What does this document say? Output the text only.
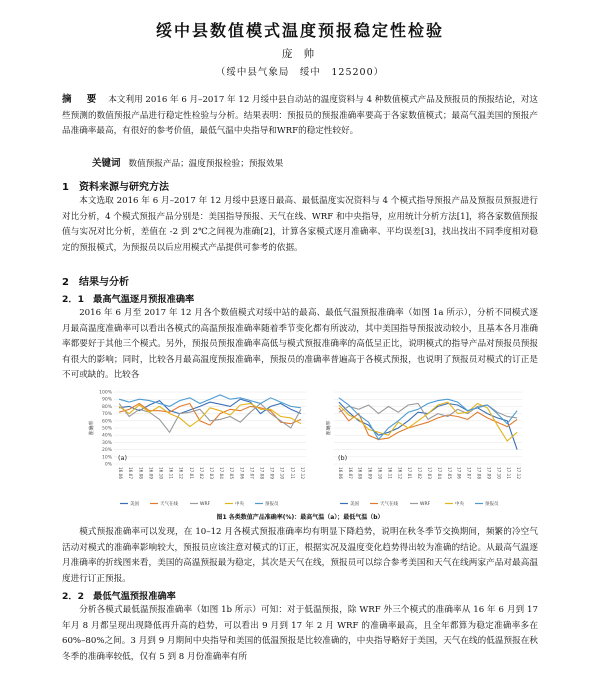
绥中县数值模式温度预报稳定性检验
庞 帅
（绥中县气象局　绥中　125200）
摘 要 本文利用 2016 年 6 月–2017 年 12 月绥中县自动站的温度资料与 4 种数值模式产品及预报员的预报结论，对这些预测的数值预报产品进行稳定性检验与分析。结果表明：预报员的预报准确率要高于各家数值模式；最高气温美国的预报产品准确率最高，有很好的参考价值，最低气温中央指导和WRF的稳定性较好。
关键词 数值预报产品；温度预报检验；预报效果
1　资料来源与研究方法
本文选取 2016 年 6 月–2017 年 12 月绥中县逐日最高、最低温度实况资料与 4 个模式指导预报产品及预报员预报进行对比分析，4 个模式预报产品分别是：美国指导预报、天气在线、WRF 和中央指导，应用统计分析方法[1]，将各家数值预报值与实况对比分析，差值在 -2 到 2℃之间视为准确[2]，计算各家模式逐月准确率、平均误差[3]，找出找出不同季度相对稳定的预报模式，为预报员以后应用模式产品提供可参考的依据。
2　结果与分析
2．1　最高气温逐月预报准确率
2016 年 6 月至 2017 年 12 月各个数值模式对绥中站的最高、最低气温预报准确率（如图 1a 所示），分析不同模式逐月最高温度准确率可以看出各模式的高温预报准确率随着季节变化都有所波动，其中美国指导预报波动较小，且基本各月准确率都要好于其他三个模式。另外，预报员预报准确率高低与模式预报准确率的高低呈正比，说明模式的指导产品对预报员预报有很大的影响；同时，比较各月最高温度预报准确率，预报员的准确率普遍高于各模式预报，也说明了预报员对模式的订正是不可或缺的。比较各
100%
90%
80%
70%
60%
50%
40%
30%
20%
10%
0%
准确率
16.06 16.07 16.08 16.09 16.10 16.11 16.12 17.01 17.02 17.03 17.04 17.05 17.06 17.07 17.08 17.09 17.10 17.11 17.12
(a)
美国	天气在线	WRF	中央	预报员
准确率
16.06 16.07 16.08 16.09 16.10 16.11 16.12 17.01 17.02 17.03 17.04 17.05 17.06 17.07 17.08 17.09 17.10 17.11 17.12
(b)
美国	天气在线	WRF	中央	预报员
图1 各类数值产品准确率(%)：最高气温（a）；最低气温（b）
模式预报准确率可以发现，在 10–12 月各模式预报准确率均有明显下降趋势，说明在秋冬季节交换期间，频繁的冷空气活动对模式的准确率影响较大，预报员应该注意对模式的订正，根据实况及温度变化趋势得出较为准确的结论。从最高气温逐月准确率的折线图来看，美国的高温预报最为稳定，其次是天气在线，预报员可以综合参考美国和天气在线两家产品对最高温度进行订正预报。
2．2　最低气温预报准确率
分析各模式最低温预报准确率（如图 1b 所示）可知：对于低温预报，除 WRF 外三个模式的准确率从 16 年 6 月到 17 年月 8 月都呈现出现降低再升高的趋势，可以看出 9 月到 17 年 2 月 WRF 的准确率最高，且全年都算为稳定准确率多在 60%–80%之间。3 月到 9 月期间中央指导和美国的低温预报是比较准确的，中央指导略好于美国，天气在线的低温预报在秋冬季的准确率较低，仅有 5 到 8 月份准确率有所
